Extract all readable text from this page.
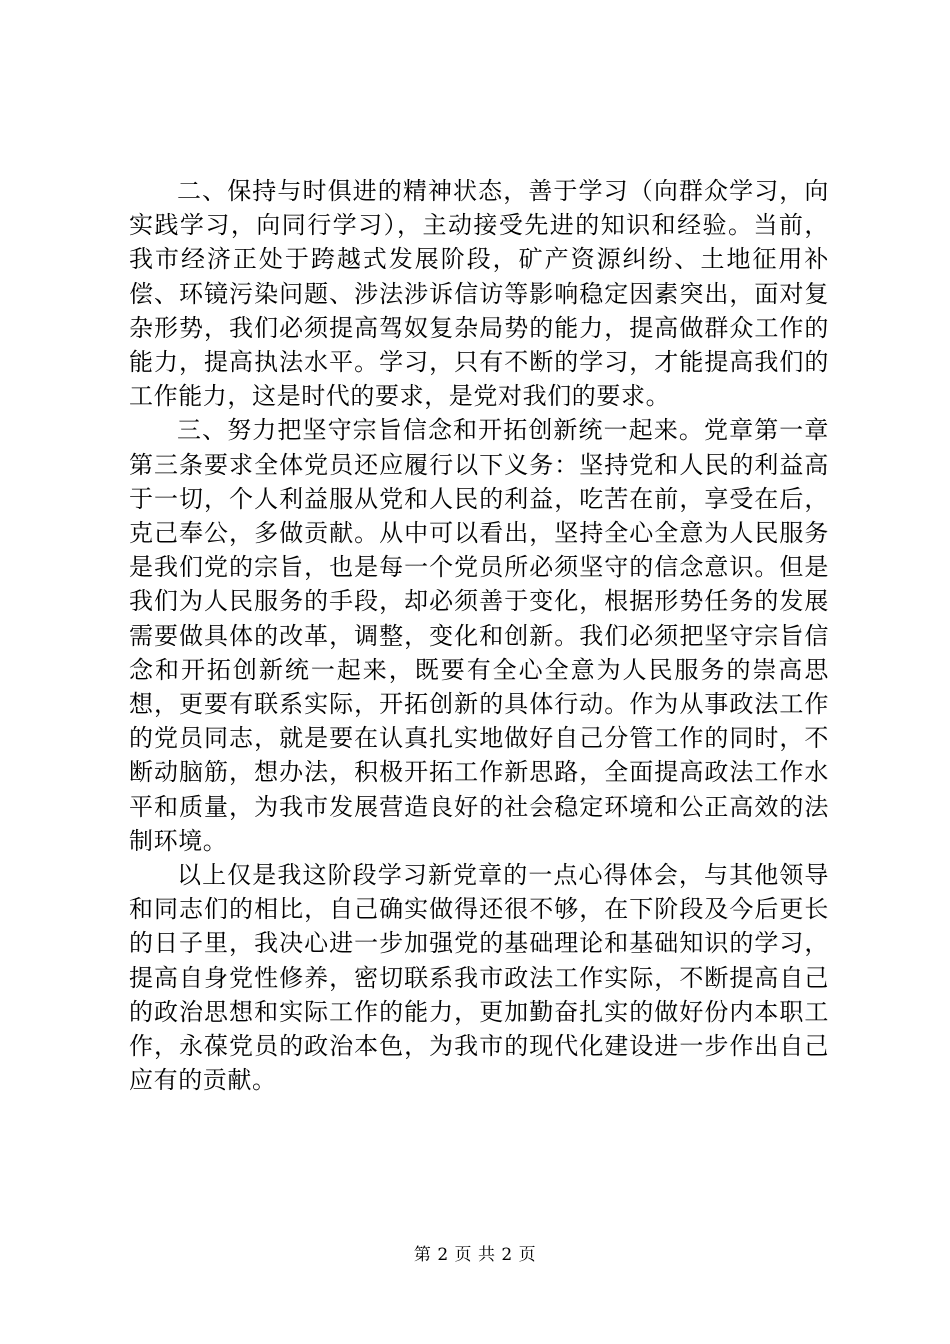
二、保持与时俱进的精神状态，善于学习（向群众学习，向实践学习，向同行学习），主动接受先进的知识和经验。当前，我市经济正处于跨越式发展阶段，矿产资源纠纷、土地征用补偿、环镜污染问题、涉法涉诉信访等影响稳定因素突出，面对复杂形势，我们必须提高驾奴复杂局势的能力，提高做群众工作的能力，提高执法水平。学习，只有不断的学习，才能提高我们的工作能力，这是时代的要求，是党对我们的要求。

三、努力把坚守宗旨信念和开拓创新统一起来。党章第一章第三条要求全体党员还应履行以下义务：坚持党和人民的利益高于一切，个人利益服从党和人民的利益，吃苦在前，享受在后，克己奉公，多做贡献。从中可以看出，坚持全心全意为人民服务是我们党的宗旨，也是每一个党员所必须坚守的信念意识。但是我们为人民服务的手段，却必须善于变化，根据形势任务的发展需要做具体的改革，调整，变化和创新。我们必须把坚守宗旨信念和开拓创新统一起来，既要有全心全意为人民服务的崇高思想，更要有联系实际，开拓创新的具体行动。作为从事政法工作的党员同志，就是要在认真扎实地做好自己分管工作的同时，不断动脑筋，想办法，积极开拓工作新思路，全面提高政法工作水平和质量，为我市发展营造良好的社会稳定环境和公正高效的法制环境。

以上仅是我这阶段学习新党章的一点心得体会，与其他领导和同志们的相比，自己确实做得还很不够，在下阶段及今后更长的日子里，我决心进一步加强党的基础理论和基础知识的学习，提高自身党性修养，密切联系我市政法工作实际，不断提高自己的政治思想和实际工作的能力，更加勤奋扎实的做好份内本职工作，永葆党员的政治本色，为我市的现代化建设进一步作出自己应有的贡献。

第 2 页 共 2 页
